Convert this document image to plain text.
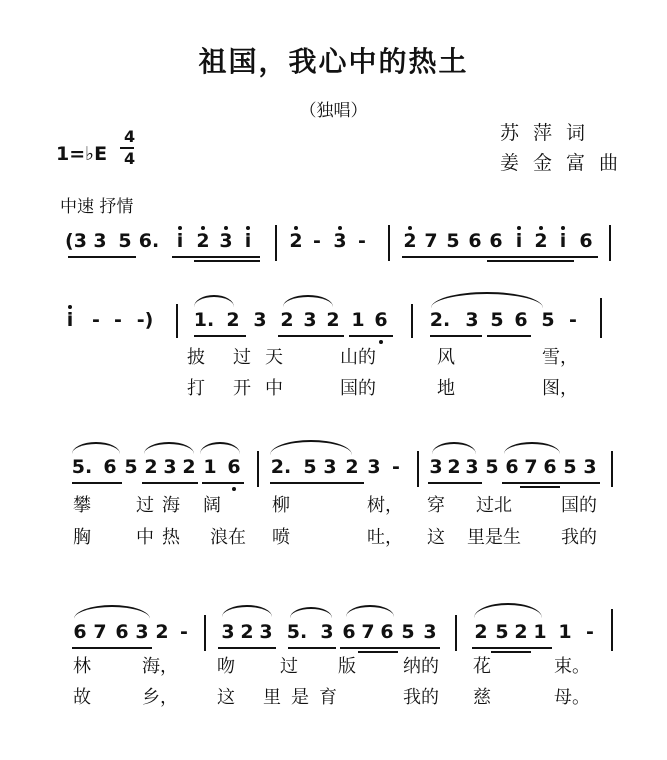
祖国，我心中的热土
（独唱）
苏萍词
姜金富曲
1=♭E
4
4
中速 抒情
(3 3 5 6. i 2 3 i 2 - 3 - 2 7 5 6 6 i 2 i 6
i - - -) 1. 2 3 2 3 2 1 6 2. 3 5 6 5 -
披 过天 山的	风	雪，
打 开中 国的	地	图，
5. 6 5 2 3 2 1 6 2. 5 3 2 3 - 3 2 3 5 6 7 6 5 3
攀	过海 阔	柳	树， 穿 过北	国的
胸	中热 浪在 喷	吐， 这 里是生 我的
6 7 6 3 2 - 3 2 3 5. 3 6 7 6 5 3 2 5 2 1 1 -
林	海， 吻	过 版	纳的 花	束。
故	乡， 这 里是育	我的 慈	母。
